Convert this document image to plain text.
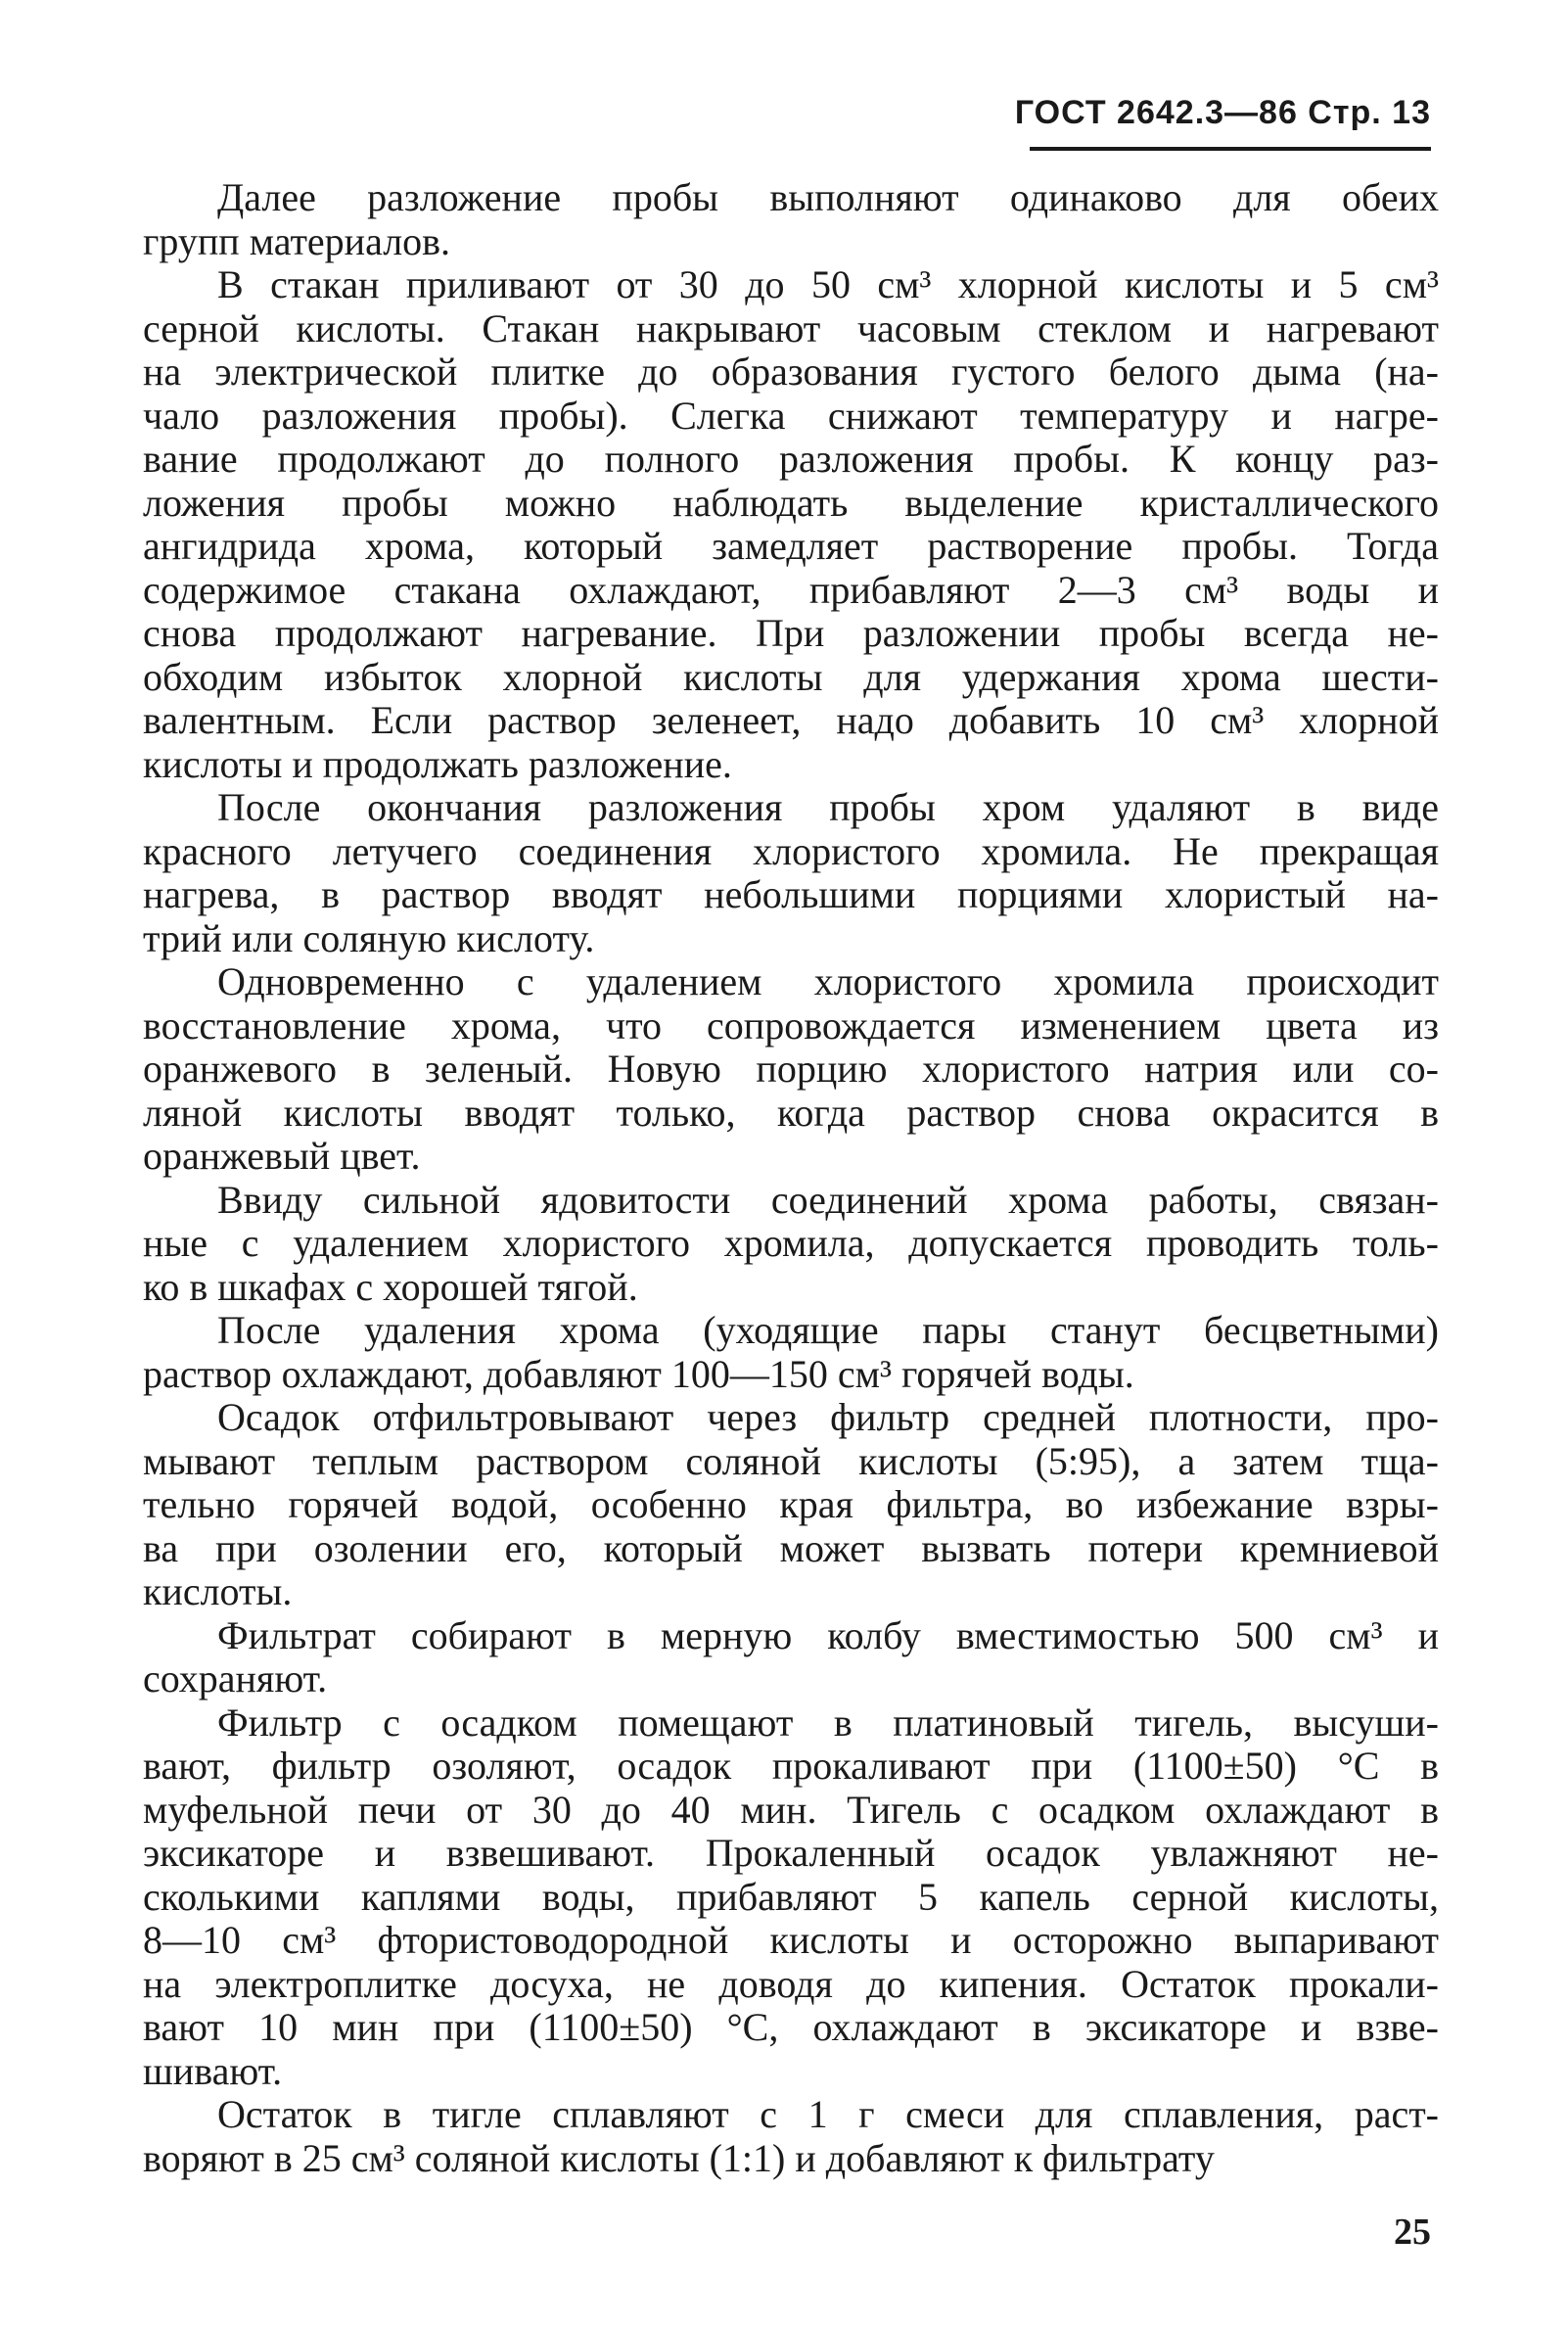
ГОСТ 2642.3—86 Стр. 13
Далее разложение пробы выполняют одинаково для обеих
групп материалов.
В стакан приливают от 30 до 50 см³ хлорной кислоты и 5 см³
серной кислоты. Стакан накрывают часовым стеклом и нагревают
на электрической плитке до образования густого белого дыма (на-
чало разложения пробы). Слегка снижают температуру и нагре-
вание продолжают до полного разложения пробы. К концу раз-
ложения пробы можно наблюдать выделение кристаллического
ангидрида хрома, который замедляет растворение пробы. Тогда
содержимое стакана охлаждают, прибавляют 2—3 см³ воды и
снова продолжают нагревание. При разложении пробы всегда не-
обходим избыток хлорной кислоты для удержания хрома шести-
валентным. Если раствор зеленеет, надо добавить 10 см³ хлорной
кислоты и продолжать разложение.
После окончания разложения пробы хром удаляют в виде
красного летучего соединения хлористого хромила. Не прекращая
нагрева, в раствор вводят небольшими порциями хлористый на-
трий или соляную кислоту.
Одновременно с удалением хлористого хромила происходит
восстановление хрома, что сопровождается изменением цвета из
оранжевого в зеленый. Новую порцию хлористого натрия или со-
ляной кислоты вводят только, когда раствор снова окрасится в
оранжевый цвет.
Ввиду сильной ядовитости соединений хрома работы, связан-
ные с удалением хлористого хромила, допускается проводить толь-
ко в шкафах с хорошей тягой.
После удаления хрома (уходящие пары станут бесцветными)
раствор охлаждают, добавляют 100—150 см³ горячей воды.
Осадок отфильтровывают через фильтр средней плотности, про-
мывают теплым раствором соляной кислоты (5:95), а затем тща-
тельно горячей водой, особенно края фильтра, во избежание взры-
ва при озолении его, который может вызвать потери кремниевой
кислоты.
Фильтрат собирают в мерную колбу вместимостью 500 см³ и
сохраняют.
Фильтр с осадком помещают в платиновый тигель, высуши-
вают, фильтр озоляют, осадок прокаливают при (1100±50) °С в
муфельной печи от 30 до 40 мин. Тигель с осадком охлаждают в
эксикаторе и взвешивают. Прокаленный осадок увлажняют не-
сколькими каплями воды, прибавляют 5 капель серной кислоты,
8—10 см³ фтористоводородной кислоты и осторожно выпаривают
на электроплитке досуха, не доводя до кипения. Остаток прокали-
вают 10 мин при (1100±50) °С, охлаждают в эксикаторе и взве-
шивают.
Остаток в тигле сплавляют с 1 г смеси для сплавления, раст-
воряют в 25 см³ соляной кислоты (1:1) и добавляют к фильтрату
25
